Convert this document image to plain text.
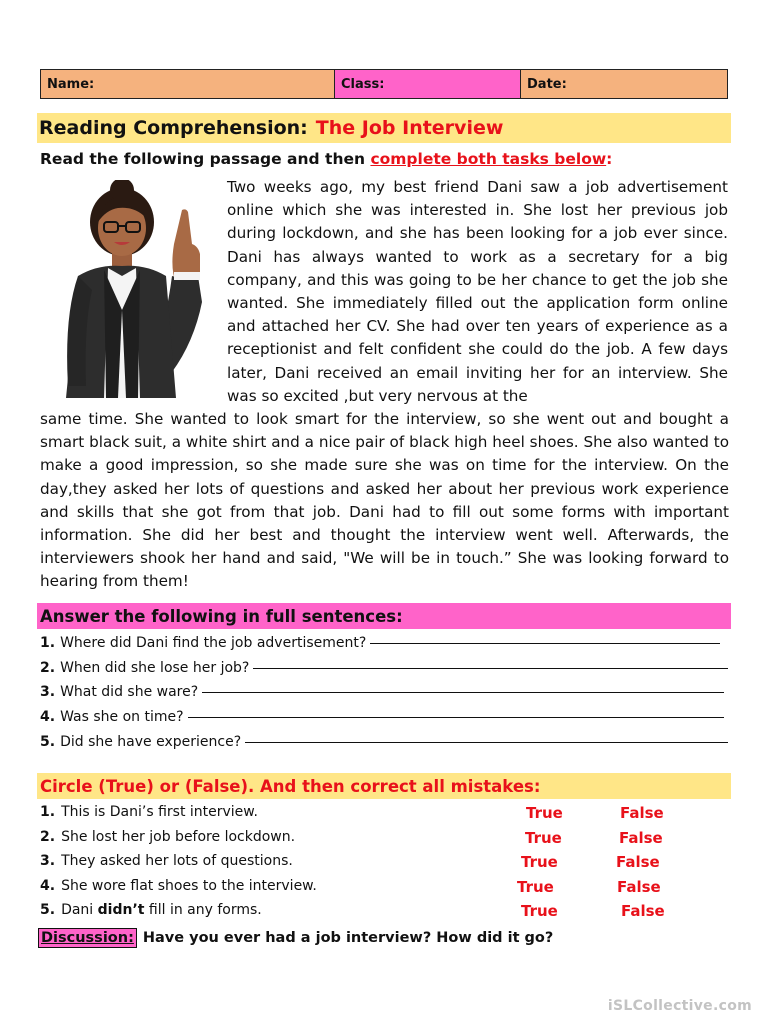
Name:	Class:	Date:
Reading Comprehension: The Job Interview
Read the following passage and then complete both tasks below:
Two weeks ago, my best friend Dani saw a job advertisement online which she was interested in. She lost her previous job during lockdown, and she has been looking for a job ever since. Dani has always wanted to work as a secretary for a big company, and this was going to be her chance to get the job she wanted. She immediately filled out the application form online and attached her CV. She had over ten years of experience as a receptionist and felt confident she could do the job. A few days later, Dani received an email inviting her for an interview. She was so excited ,but very nervous at the
same time. She wanted to look smart for the interview, so she went out and bought a smart black suit, a white shirt and a nice pair of black high heel shoes. She also wanted to make a good impression, so she made sure she was on time for the interview. On the day,they asked her lots of questions and asked her about her previous work experience and skills that she got from that job. Dani had to fill out some forms with important information. She did her best and thought the interview went well. Afterwards, the interviewers shook her hand and said, "We will be in touch.” She was looking forward to hearing from them!
Answer the following in full sentences:
1. Where did Dani find the job advertisement?
2. When did she lose her job?
3. What did she ware?
4. Was she on time?
5. Did she have experience?
Circle (True) or (False). And then correct all mistakes:
1. This is Dani’s first interview.	True	False
2. She lost her job before lockdown.	True	False
3. They asked her lots of questions.	True	False
4. She wore flat shoes to the interview.	True	False
5. Dani didn’t fill in any forms.	True	False
Discussion: Have you ever had a job interview? How did it go?
iSLCollective.com
